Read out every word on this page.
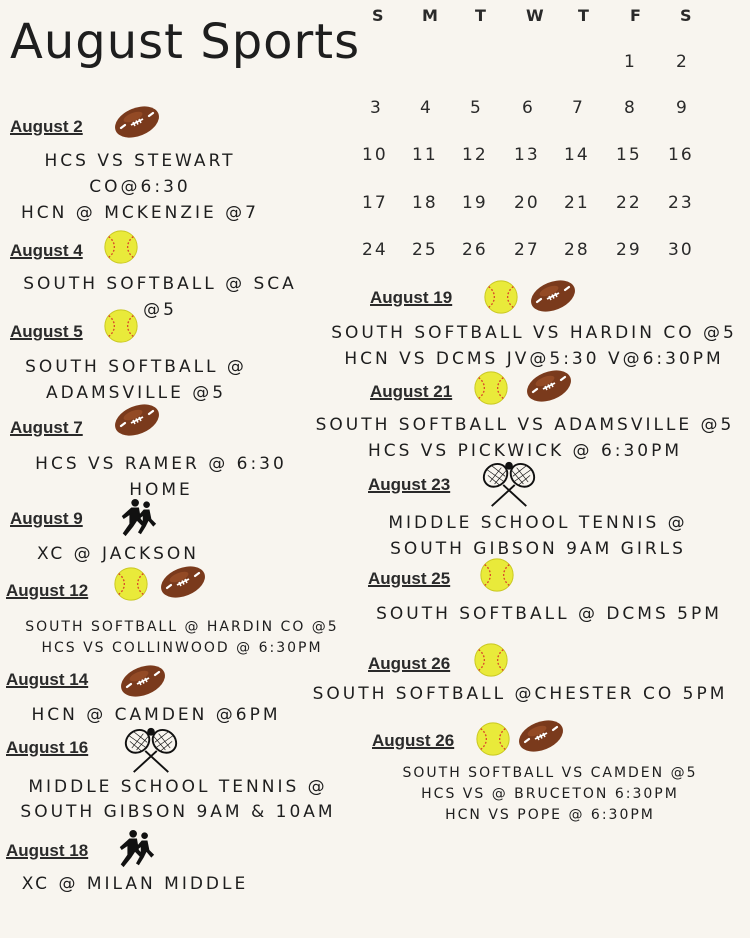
August Sports S M T W T F S
1 2
3 4 5 6 7 8 9
10 11 12 13 14 15 16
17 18 19 20 21 22 23
24 25 26 27 28 29 30
August 2
HCS VS STEWART
CO@6:30
HCN @ MCKENZIE @7
August 4
SOUTH SOFTBALL @ SCA
@5
August 5
SOUTH SOFTBALL @
ADAMSVILLE @5
August 7
HCS VS RAMER @ 6:30
HOME
August 9
XC @ JACKSON
August 12
SOUTH SOFTBALL @ HARDIN CO @5
HCS VS COLLINWOOD @ 6:30PM
August 14
HCN @ CAMDEN @6PM
August 16
MIDDLE SCHOOL TENNIS @
SOUTH GIBSON 9AM & 10AM
August 18
XC @ MILAN MIDDLE
August 19
SOUTH SOFTBALL VS HARDIN CO @5
HCN VS DCMS JV@5:30 V@6:30PM
August 21
SOUTH SOFTBALL VS ADAMSVILLE @5
HCS VS PICKWICK @ 6:30PM
August 23
MIDDLE SCHOOL TENNIS @
SOUTH GIBSON 9AM GIRLS
August 25
SOUTH SOFTBALL @ DCMS 5PM
August 26
SOUTH SOFTBALL @CHESTER CO 5PM
August 26
SOUTH SOFTBALL VS CAMDEN @5
HCS VS @ BRUCETON 6:30PM
HCN VS POPE @ 6:30PM
